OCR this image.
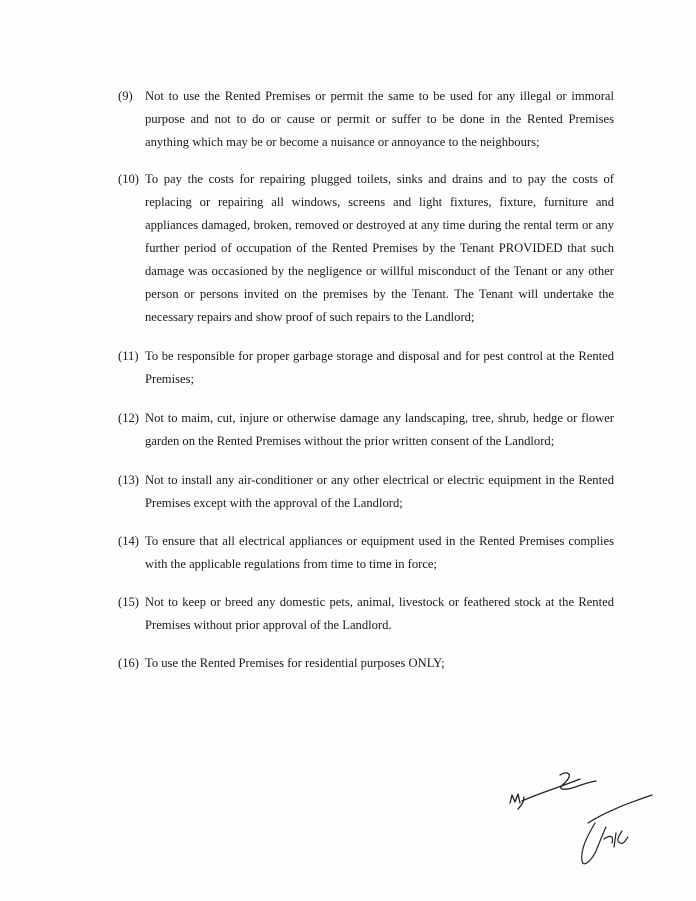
(9) Not to use the Rented Premises or permit the same to be used for any illegal or immoral purpose and not to do or cause or permit or suffer to be done in the Rented Premises anything which may be or become a nuisance or annoyance to the neighbours;
(10) To pay the costs for repairing plugged toilets, sinks and drains and to pay the costs of replacing or repairing all windows, screens and light fixtures, fixture, furniture and appliances damaged, broken, removed or destroyed at any time during the rental term or any further period of occupation of the Rented Premises by the Tenant PROVIDED that such damage was occasioned by the negligence or willful misconduct of the Tenant or any other person or persons invited on the premises by the Tenant. The Tenant will undertake the necessary repairs and show proof of such repairs to the Landlord;
(11) To be responsible for proper garbage storage and disposal and for pest control at the Rented Premises;
(12) Not to maim, cut, injure or otherwise damage any landscaping, tree, shrub, hedge or flower garden on the Rented Premises without the prior written consent of the Landlord;
(13) Not to install any air-conditioner or any other electrical or electric equipment in the Rented Premises except with the approval of the Landlord;
(14) To ensure that all electrical appliances or equipment used in the Rented Premises complies with the applicable regulations from time to time in force;
(15) Not to keep or breed any domestic pets, animal, livestock or feathered stock at the Rented Premises without prior approval of the Landlord.
(16) To use the Rented Premises for residential purposes ONLY;
